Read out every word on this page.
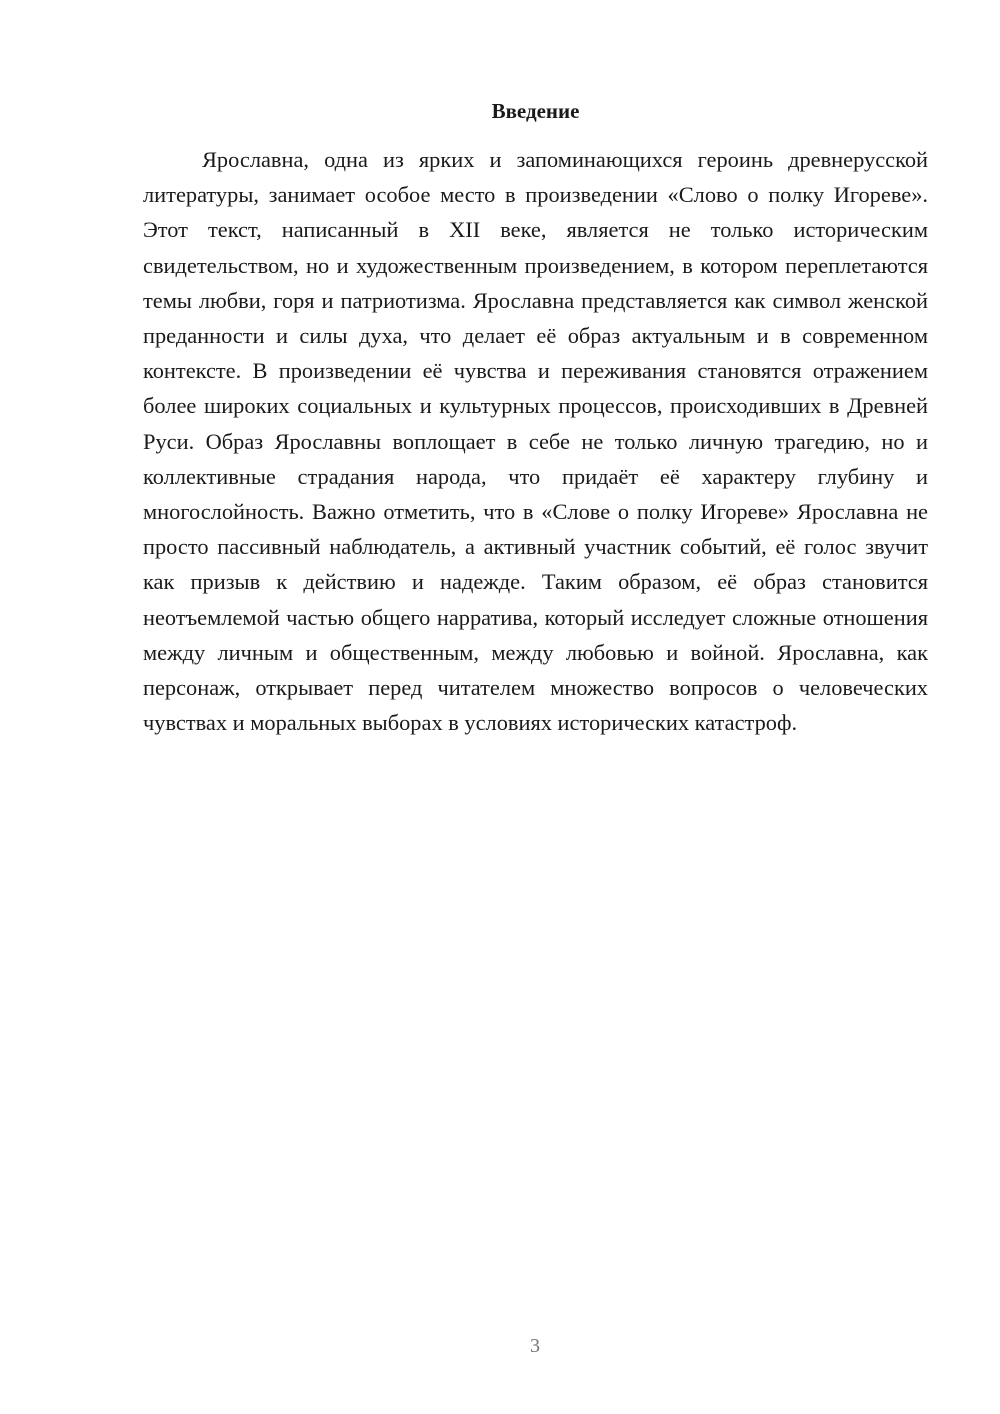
Введение

Ярославна, одна из ярких и запоминающихся героинь древнерусской литературы, занимает особое место в произведении «Слово о полку Игореве». Этот текст, написанный в XII веке, является не только историческим свидетельством, но и художественным произведением, в котором переплетаются темы любви, горя и патриотизма. Ярославна представляется как символ женской преданности и силы духа, что делает её образ актуальным и в современном контексте. В произведении её чувства и переживания становятся отражением более широких социальных и культурных процессов, происходивших в Древней Руси. Образ Ярославны воплощает в себе не только личную трагедию, но и коллективные страдания народа, что придаёт её характеру глубину и многослойность. Важно отметить, что в «Слове о полку Игореве» Ярославна не просто пассивный наблюдатель, а активный участник событий, её голос звучит как призыв к действию и надежде. Таким образом, её образ становится неотъемлемой частью общего нарратива, который исследует сложные отношения между личным и общественным, между любовью и войной. Ярославна, как персонаж, открывает перед читателем множество вопросов о человеческих чувствах и моральных выборах в условиях исторических катастроф.

3
